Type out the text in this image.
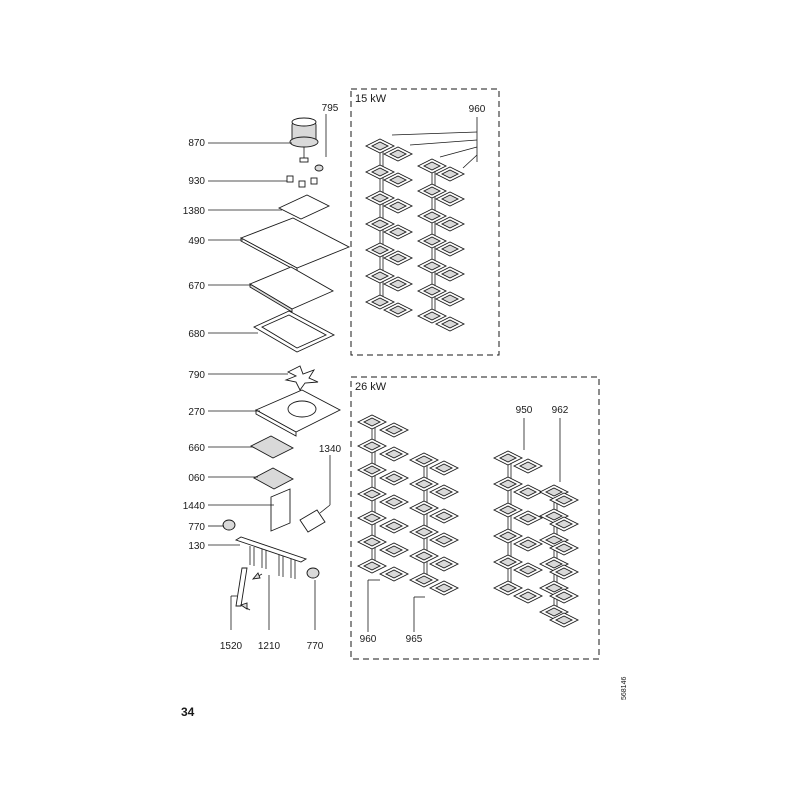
870
795
930
1380
490
670
680
790
270
660	1340
060
1440
770
130
1520 1210	770
15 kW
960
26 kW
950 962
960	965
34
568146
